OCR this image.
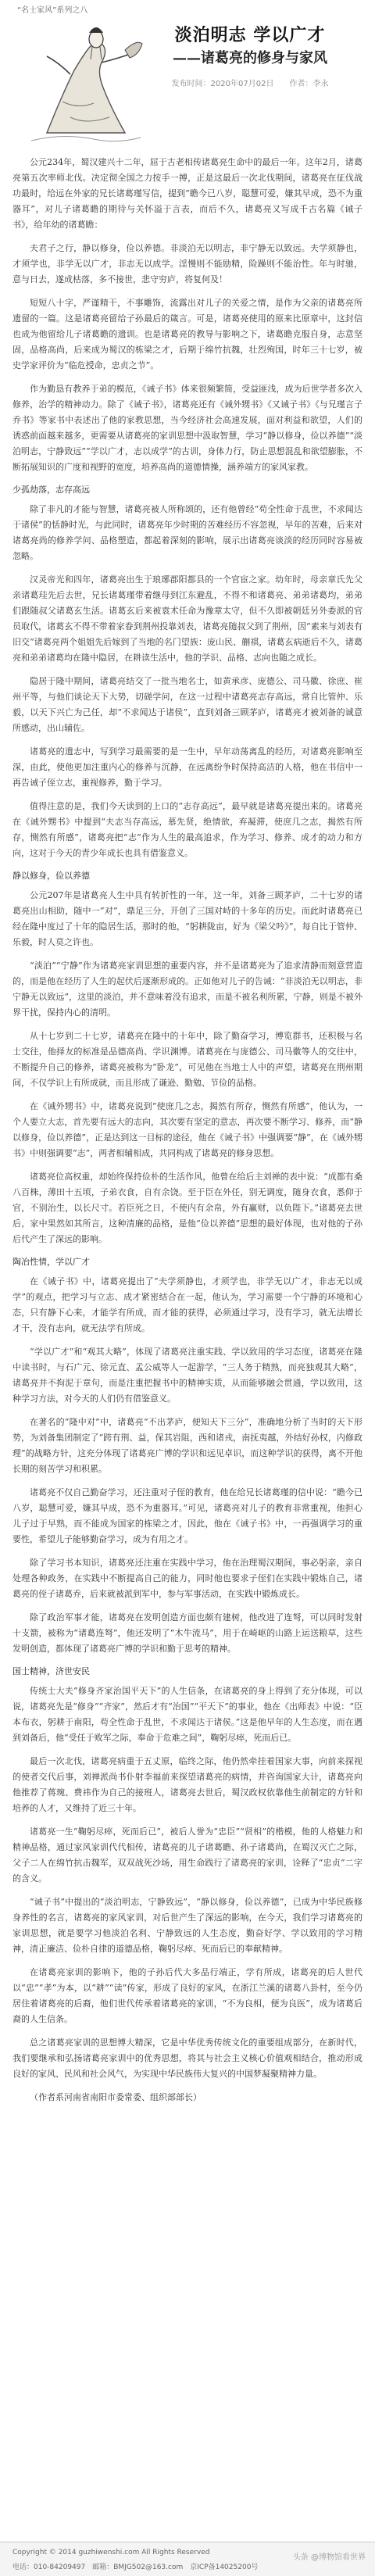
“名士家风”系列之八
淡泊明志 学以广才
——诸葛亮的修身与家风
发布时间：2020年07月02日　　作者：李永

公元234年，蜀汉建兴十二年，屈于古老相传诸葛亮生命中的最后一年。这年2月，诸葛亮第五次率师北伐。决定彻全国之力按手一搏，正是这最后一次北伐期间，诸葛亮在征伐战功最时，给远在外家的兄长诸葛瑾写信，提到“瞻今已八岁，聪慧可爱，嫌其早成，恐不为重器耳”，对儿子诸葛瞻的期待与关怀溢于言表，而后不久，诸葛亮又写成千古名篇《诫子书》，给年幼的诸葛瞻：

夫君子之行，静以修身，俭以养德。非淡泊无以明志，非宁静无以致远。夫学须静也，才须学也，非学无以广才，非志无以成学。淫慢则不能励精，险躁则不能治性。年与时驰，意与日去，遂成枯落，多不接世，悲守穷庐，将复何及！

短短八十字，严谨精干，不事雕饰，流露出对儿子的关爱之情，是作为父亲的诸葛亮所遗留的一篇。这是诸葛亮留给子孙最后的箴言。可是，诸葛亮使用的原来比原章中，这封信也成为他留给儿子诸葛瞻的遗训。也是诸葛亮的教导与影响之下，诸葛瞻克服自身，志意坚固，品格高尚，后来成为蜀汉的栋梁之才，后期于绵竹抗魏，壮烈殉国，时年三十七岁，被史学家评价为“临危授命，忠贞之节”。

作为勤恳有教养于弟的模范，《诫子书》体来很频繁简，受益匪浅，成为后世学者多次入修养，治学的精神动力。除了《诫子书》，诸葛亮还有《诫外甥书》《又诫子书》《与兄瑾言子乔书》等家书中表述出了他的家教思想，当今经济社会高速发展，面对利益和欲望，人们的诱惑前面越来越多，更需要从诸葛亮的家训思想中汲取智慧，学习“静以修身，俭以养德”“淡泊明志，宁静致远”“学以广才，志以成学”的古训，身体力行，防止思想混乱和欲望膨胀，不断拓展知识的广度和视野的宽度，培养高尚的道德情操，涵养端方的家风家教。

少孤劫落，志存高远

除了非凡的才能与智慧，诸葛亮被人所称颂的，还有他曾经“苟全性命于乱世，不求闻达于诸侯”的恬静时光，与此同时，诸葛亮年少时期的苦难经历不容忽视，早年的苦难，后来对诸葛亮尚的修养学问、品格塑造，都起着深刻的影响，展示出诸葛亮谈淡的经历同时容易被忽略。

汉灵帝光和四年，诸葛亮出生于琅琊郡阳都县的一个官宦之家。幼年时，母亲章氏先父亲诸葛珪先后去世，兄长诸葛瑾带着继母到江东避乱，不得不和诸葛亮、弟弟诸葛均，弟弟们跟随叔父诸葛玄生活。诸葛玄后来被袁术任命为豫章太守，但不久即被朝廷另外委派的官员取代，诸葛玄不得不带着家眷到荆州投靠刘表，诸葛亮随叔父到了荆州，因“素来与刘表有旧交”诸葛亮两个姐姐先后嫁到了当地的名门望族：庞山民、蒯祺，诸葛玄病逝后不久，诸葛亮和弟弟诸葛均在隆中隐居，在耕读生活中，他的学识、品格、志向也随之成长。

隐居于隆中期间，诸葛亮结交了一批当地名士，如黄承彦、庞德公、司马徽、徐庶、崔州平等，与他们谈论天下大势，切磋学问，在这一过程中诸葛亮志存高远，常自比管仲、乐毅，以天下兴亡为己任，却“不求闻达于诸侯”，直到刘备三顾茅庐，诸葛亮才被刘备的诚意所感动，出山辅佐。

诸葛亮的遗志中，写到学习最需要的是一生中，早年动荡离乱的经历，对诸葛亮影响至深，由此，使他更加注重内心的修养与沉静，在远离纷争时保持高洁的人格，他在书信中一再告诫子侄立志，重视修养，勤于学习。

值得注意的是，我们今天读到的上口的“志存高远”，最早就是诸葛亮提出来的。诸葛亮在《诫外甥书》中提到“夫志当存高远，慕先贤，绝情欲，弃凝滞，使庶几之志，揭然有所存，恻然有所感”，诸葛亮把“志”作为人生的最高追求，作为学习、修养、成才的动力和方向，这对于今天的青少年成长也具有借鉴意义。

静以修身，俭以养德

公元207年是诸葛亮人生中具有转折性的一年，这一年，刘备三顾茅庐，二十七岁的诸葛亮出山相助，随中一“对”，鼎足三分，开创了三国对峙的十多年的历史。而此时诸葛亮已经在隆中度过了十年的隐居生活，那时的他，“躬耕陇亩，好为《梁父吟》”，每自比于管仲、乐毅，时人莫之许也。

“淡泊”“宁静”作为诸葛亮家训思想的重要内容，并不是诸葛亮为了追求清静而刻意营造的，而是他在经历了人生的起伏后逐渐形成的。正如他对儿子的告诫：“非淡泊无以明志，非宁静无以致远”，这里的淡泊，并不意味着没有追求，而是不被名利所累，宁静，则是不被外界干扰，保持内心的清明。

从十七岁到二十七岁，诸葛亮在隆中的十年中，除了勤奋学习，博览群书，还积极与名士交往，他择友的标准是品德高尚、学识渊博。诸葛亮在与庞德公、司马徽等人的交往中，不断提升自己的修养，诸葛亮被称为“卧龙”，可见他在当地士人中的声望，诸葛亮在荆州期间，不仅学识上有所成就，而且形成了谦逊、勤勉、节俭的品格。

在《诫外甥书》中，诸葛亮说到“使庶几之志，揭然有所存，恻然有所感”，他认为，一个人要立大志，首先要有远大的志向，其次要有坚定的意志，再次要不断学习、修养，而“静以修身，俭以养德”，正是达到这一目标的途径，他在《诫子书》中强调要“静”，在《诫外甥书》中则强调要“志”，两者相辅相成，共同构成了诸葛亮的修身思想。

诸葛亮位高权重，却始终保持俭朴的生活作风，他曾在给后主刘禅的表中说：“成都有桑八百株，薄田十五顷，子弟衣食，自有余饶。至于臣在外任，别无调度，随身衣食，悉仰于官，不别治生，以长尺寸。若臣死之日，不使内有余帛，外有赢财，以负陛下。”诸葛亮去世后，家中果然如其所言，这种清廉的品格，是他“俭以养德”思想的最好体现，也对他的子孙后代产生了深远的影响。

陶冶性情，学以广才

在《诫子书》中，诸葛亮提出了“夫学须静也，才须学也，非学无以广才，非志无以成学”的观点，把学习与立志、成才紧密结合在一起，他认为，学习需要一个宁静的环境和心态，只有静下心来，才能学有所成，而才能的获得，必须通过学习，没有学习，就无法增长才干，没有志向，就无法学有所成。

“学以广才”和“观其大略”，体现了诸葛亮注重实践、学以致用的学习态度，诸葛亮在隆中读书时，与石广元、徐元直、孟公威等人一起游学，“三人务于精熟，而亮独观其大略”，诸葛亮并不拘泥于章句，而是注重把握书中的精神实质，从而能够融会贯通，学以致用，这种学习方法，对今天的人们仍有借鉴意义。

在著名的“隆中对”中，诸葛亮“不出茅庐，便知天下三分”，准确地分析了当时的天下形势，为刘备集团制定了“跨有荆、益，保其岩阻，西和诸戎，南抚夷越，外结好孙权，内修政理”的战略方针，这充分体现了诸葛亮广博的学识和远见卓识，而这种学识的获得，离不开他长期的刻苦学习和积累。

诸葛亮不仅自己勤奋学习，还注重对子侄的教育，他在给兄长诸葛瑾的信中说：“瞻今已八岁，聪慧可爱，嫌其早成，恐不为重器耳。”可见，诸葛亮对儿子的教育非常重视，他担心儿子过于早熟，而不能成为国家的栋梁之才，因此，他在《诫子书》中，一再强调学习的重要性，希望儿子能够勤奋学习，成为有用之才。

除了学习书本知识，诸葛亮还注重在实践中学习，他在治理蜀汉期间，事必躬亲，亲自处理各种政务，在实践中不断提高自己的能力，同时他也要求子侄们在实践中锻炼自己，诸葛亮的侄子诸葛乔，后来就被派到军中，参与军事活动，在实践中锻炼成长。

除了政治军事才能，诸葛亮在发明创造方面也颇有建树，他改进了连弩，可以同时发射十支箭，被称为“诸葛连弩”，他还发明了“木牛流马”，用于在崎岖的山路上运送粮草，这些发明创造，都体现了诸葛亮广博的学识和勤于思考的精神。

国士精神，济世安民

传统士大夫“修身齐家治国平天下”的人生信条，在诸葛亮的身上得到了充分体现，可以说，诸葛亮先是“修身”“齐家”，然后才有“治国”“平天下”的事业，他在《出师表》中说：“臣本布衣，躬耕于南阳，苟全性命于乱世，不求闻达于诸侯。”这是他早年的人生态度，而在遇到刘备后，他“受任于败军之际，奉命于危难之间”，鞠躬尽瘁，死而后已。

最后一次北伐，诸葛亮病重于五丈原，临终之际，他仍然牵挂着国家大事，向前来探视的使者交代后事，刘禅派尚书仆射李福前来探望诸葛亮的病情，并咨询国家大计，诸葛亮向他推荐了蒋琬、费祎作为自己的接班人，诸葛亮去世后，蜀汉政权依靠他生前制定的方针和培养的人才，又维持了近三十年。

诸葛亮一生“鞠躬尽瘁，死而后已”，被后人誉为“忠臣”“贤相”的楷模，他的人格魅力和精神品格，通过家风家训代代相传，诸葛亮的儿子诸葛瞻、孙子诸葛尚，在蜀汉灭亡之际，父子二人在绵竹抗击魏军，双双战死沙场，用生命践行了诸葛亮的家训，诠释了“忠贞”二字的含义。

“诫子书”中提出的“淡泊明志，宁静致远”，“静以修身，俭以养德”，已成为中华民族修身养性的名言，诸葛亮的家风家训，对后世产生了深远的影响，在今天，我们学习诸葛亮的家训思想，就是要学习他淡泊名利、宁静致远的人生态度，勤奋好学、学以致用的学习精神，清正廉洁、俭朴自律的道德品格，鞠躬尽瘁、死而后已的奉献精神。

在诸葛亮家训的影响下，他的子孙后代大多品行端正，学有所成，诸葛亮的后人世代以“忠”“孝”为本，以“耕”“读”传家，形成了良好的家风，在浙江兰溪的诸葛八卦村，至今仍居住着诸葛亮的后裔，他们世代传承着诸葛亮的家训，“不为良相，便为良医”，成为诸葛后裔的人生信条。

总之诸葛亮家训的思想博大精深，它是中华优秀传统文化的重要组成部分，在新时代，我们要继承和弘扬诸葛亮家训中的优秀思想，将其与社会主义核心价值观相结合，推动形成良好的家风、民风和社会风气，为实现中华民族伟大复兴的中国梦凝聚精神力量。

（作者系河南省南阳市委常委、组织部部长）

Copyright © 2014 guzhiwenshi.com All Rights Reserved
电话：010-84209497　邮箱：BMJG502@163.com　京ICP备14025200号
头条 @博物馆看世界
